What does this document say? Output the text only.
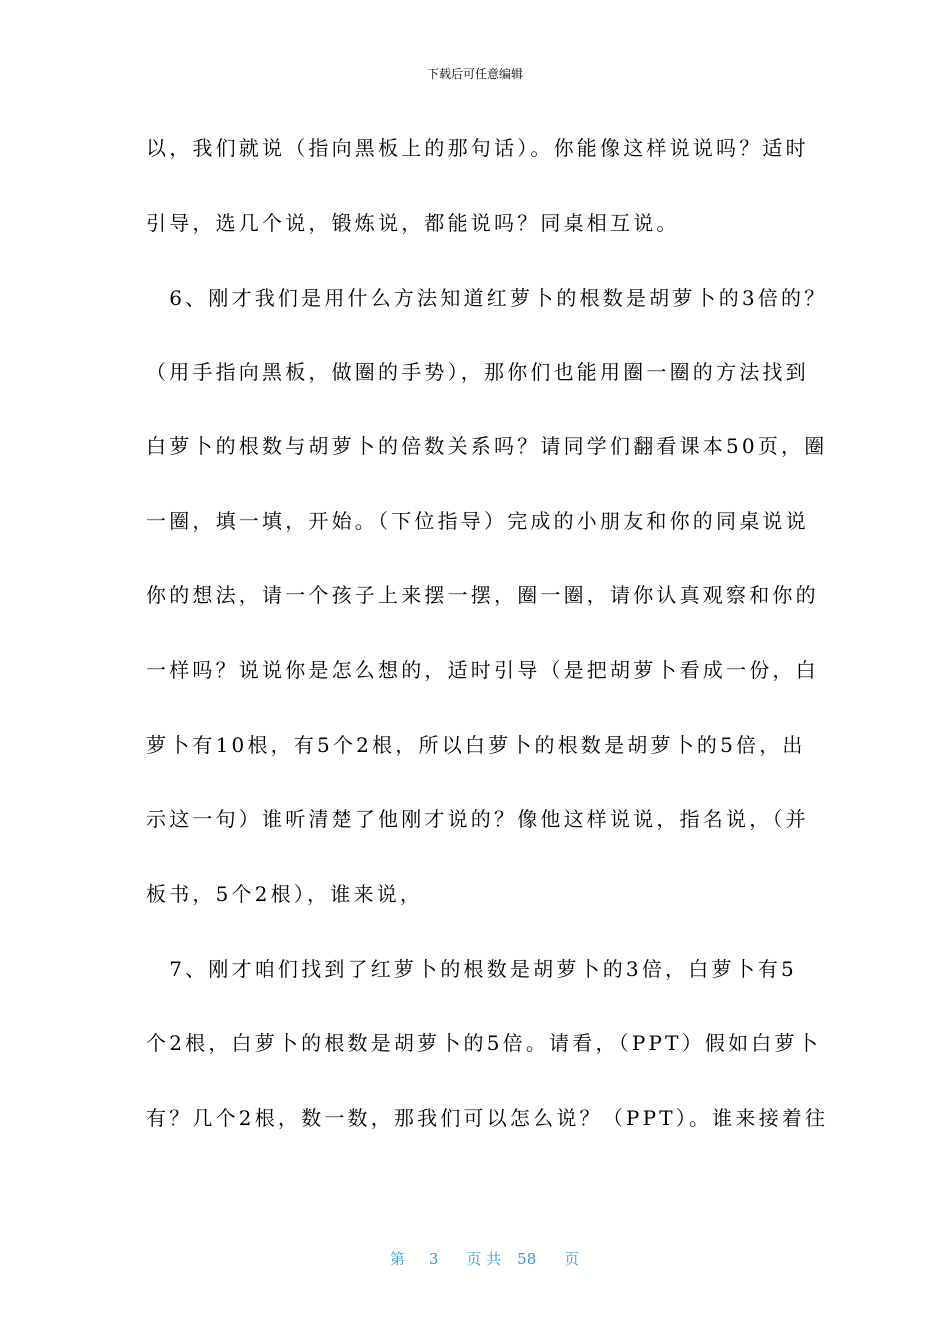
下载后可任意编辑
以，我们就说（指向黑板上的那句话）。你能像这样说说吗？适时
引导，选几个说，锻炼说，都能说吗？同桌相互说。
　6、刚才我们是用什么方法知道红萝卜的根数是胡萝卜的3倍的？
（用手指向黑板，做圈的手势），那你们也能用圈一圈的方法找到
白萝卜的根数与胡萝卜的倍数关系吗？请同学们翻看课本50页，圈
一圈，填一填，开始。（下位指导）完成的小朋友和你的同桌说说
你的想法，请一个孩子上来摆一摆，圈一圈，请你认真观察和你的
一样吗？说说你是怎么想的，适时引导（是把胡萝卜看成一份，白
萝卜有10根，有5个2根，所以白萝卜的根数是胡萝卜的5倍，出
示这一句）谁听清楚了他刚才说的？像他这样说说，指名说，（并
板书，5个2根），谁来说，
　7、刚才咱们找到了红萝卜的根数是胡萝卜的3倍，白萝卜有5
个2根，白萝卜的根数是胡萝卜的5倍。请看，（PPT）假如白萝卜
有？几个2根，数一数，那我们可以怎么说？（PPT）。谁来接着往

第 3 页 共 58 页
